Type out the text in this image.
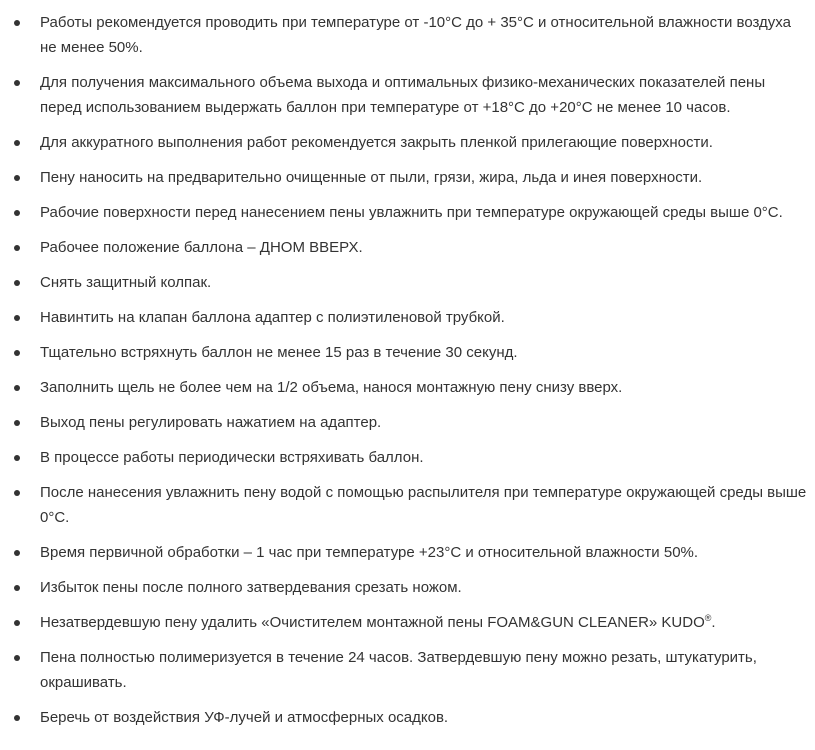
Работы рекомендуется проводить при температуре от -10°C до + 35°C и относительной влажности воздуха не менее 50%.
Для получения максимального объема выхода и оптимальных физико-механических показателей пены перед использованием выдержать баллон при температуре от +18°C до +20°C не менее 10 часов.
Для аккуратного выполнения работ рекомендуется закрыть пленкой прилегающие поверхности.
Пену наносить на предварительно очищенные от пыли, грязи, жира, льда и инея поверхности.
Рабочие поверхности перед нанесением пены увлажнить при температуре окружающей среды выше 0°C.
Рабочее положение баллона – ДНОМ ВВЕРХ.
Снять защитный колпак.
Навинтить на клапан баллона адаптер с полиэтиленовой трубкой.
Тщательно встряхнуть баллон не менее 15 раз в течение 30 секунд.
Заполнить щель не более чем на 1/2 объема, нанося монтажную пену снизу вверх.
Выход пены регулировать нажатием на адаптер.
В процессе работы периодически встряхивать баллон.
После нанесения увлажнить пену водой с помощью распылителя при температуре окружающей среды выше 0°C.
Время первичной обработки – 1 час при температуре +23°C и относительной влажности 50%.
Избыток пены после полного затвердевания срезать ножом.
Незатвердевшую пену удалить «Очистителем монтажной пены FOAM&GUN CLEANER» KUDO®.
Пена полностью полимеризуется в течение 24 часов. Затвердевшую пену можно резать, штукатурить, окрашивать.
Беречь от воздействия УФ-лучей и атмосферных осадков.
